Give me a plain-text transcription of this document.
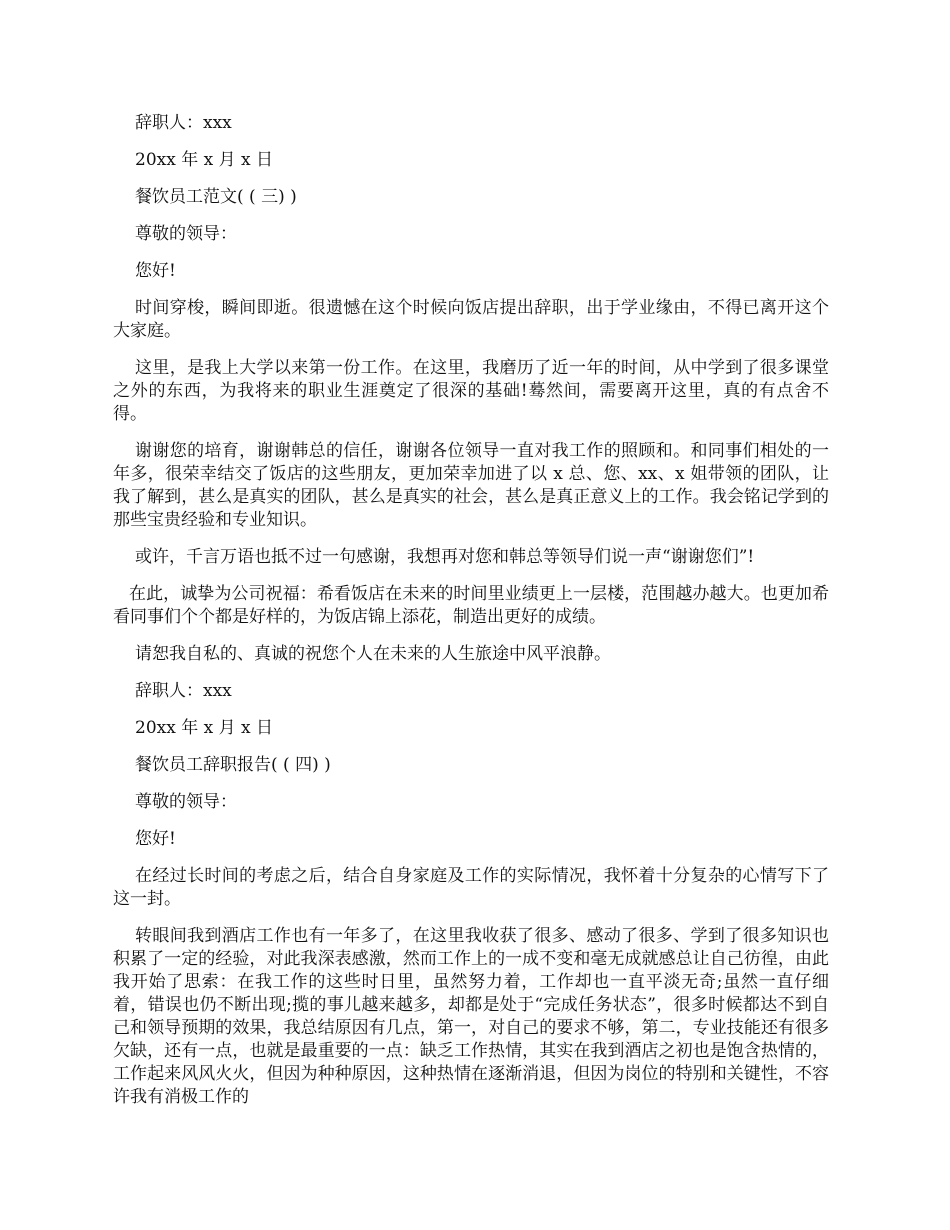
辞职人：xxx

20xx 年 x 月 x 日

餐饮员工范文( ( 三) )

尊敬的领导：

您好!

时间穿梭，瞬间即逝。很遗憾在这个时候向饭店提出辞职，出于学业缘由，不得已离开这个大家庭。

这里，是我上大学以来第一份工作。在这里，我磨历了近一年的时间，从中学到了很多课堂之外的东西，为我将来的职业生涯奠定了很深的基础!蓦然间，需要离开这里，真的有点舍不得。

谢谢您的培育，谢谢韩总的信任，谢谢各位领导一直对我工作的照顾和。和同事们相处的一年多，很荣幸结交了饭店的这些朋友，更加荣幸加进了以 x 总、您、xx、x 姐带领的团队，让我了解到，甚么是真实的团队，甚么是真实的社会，甚么是真正意义上的工作。我会铭记学到的那些宝贵经验和专业知识。

或许，千言万语也抵不过一句感谢，我想再对您和韩总等领导们说一声“谢谢您们”!

在此，诚挚为公司祝福：希看饭店在未来的时间里业绩更上一层楼，范围越办越大。也更加希看同事们个个都是好样的，为饭店锦上添花，制造出更好的成绩。

请恕我自私的、真诚的祝您个人在未来的人生旅途中风平浪静。

辞职人：xxx

20xx 年 x 月 x 日

餐饮员工辞职报告( ( 四) )

尊敬的领导：

您好!

在经过长时间的考虑之后，结合自身家庭及工作的实际情况，我怀着十分复杂的心情写下了这一封。

转眼间我到酒店工作也有一年多了，在这里我收获了很多、感动了很多、学到了很多知识也积累了一定的经验，对此我深表感激，然而工作上的一成不变和毫无成就感总让自己彷徨，由此我开始了思索：在我工作的这些时日里，虽然努力着，工作却也一直平淡无奇;虽然一直仔细着，错误也仍不断出现;揽的事儿越来越多，却都是处于“完成任务状态”，很多时候都达不到自己和领导预期的效果，我总结原因有几点，第一，对自己的要求不够，第二，专业技能还有很多欠缺，还有一点，也就是最重要的一点：缺乏工作热情，其实在我到酒店之初也是饱含热情的，工作起来风风火火，但因为种种原因，这种热情在逐渐消退，但因为岗位的特别和关键性，不容许我有消极工作的
